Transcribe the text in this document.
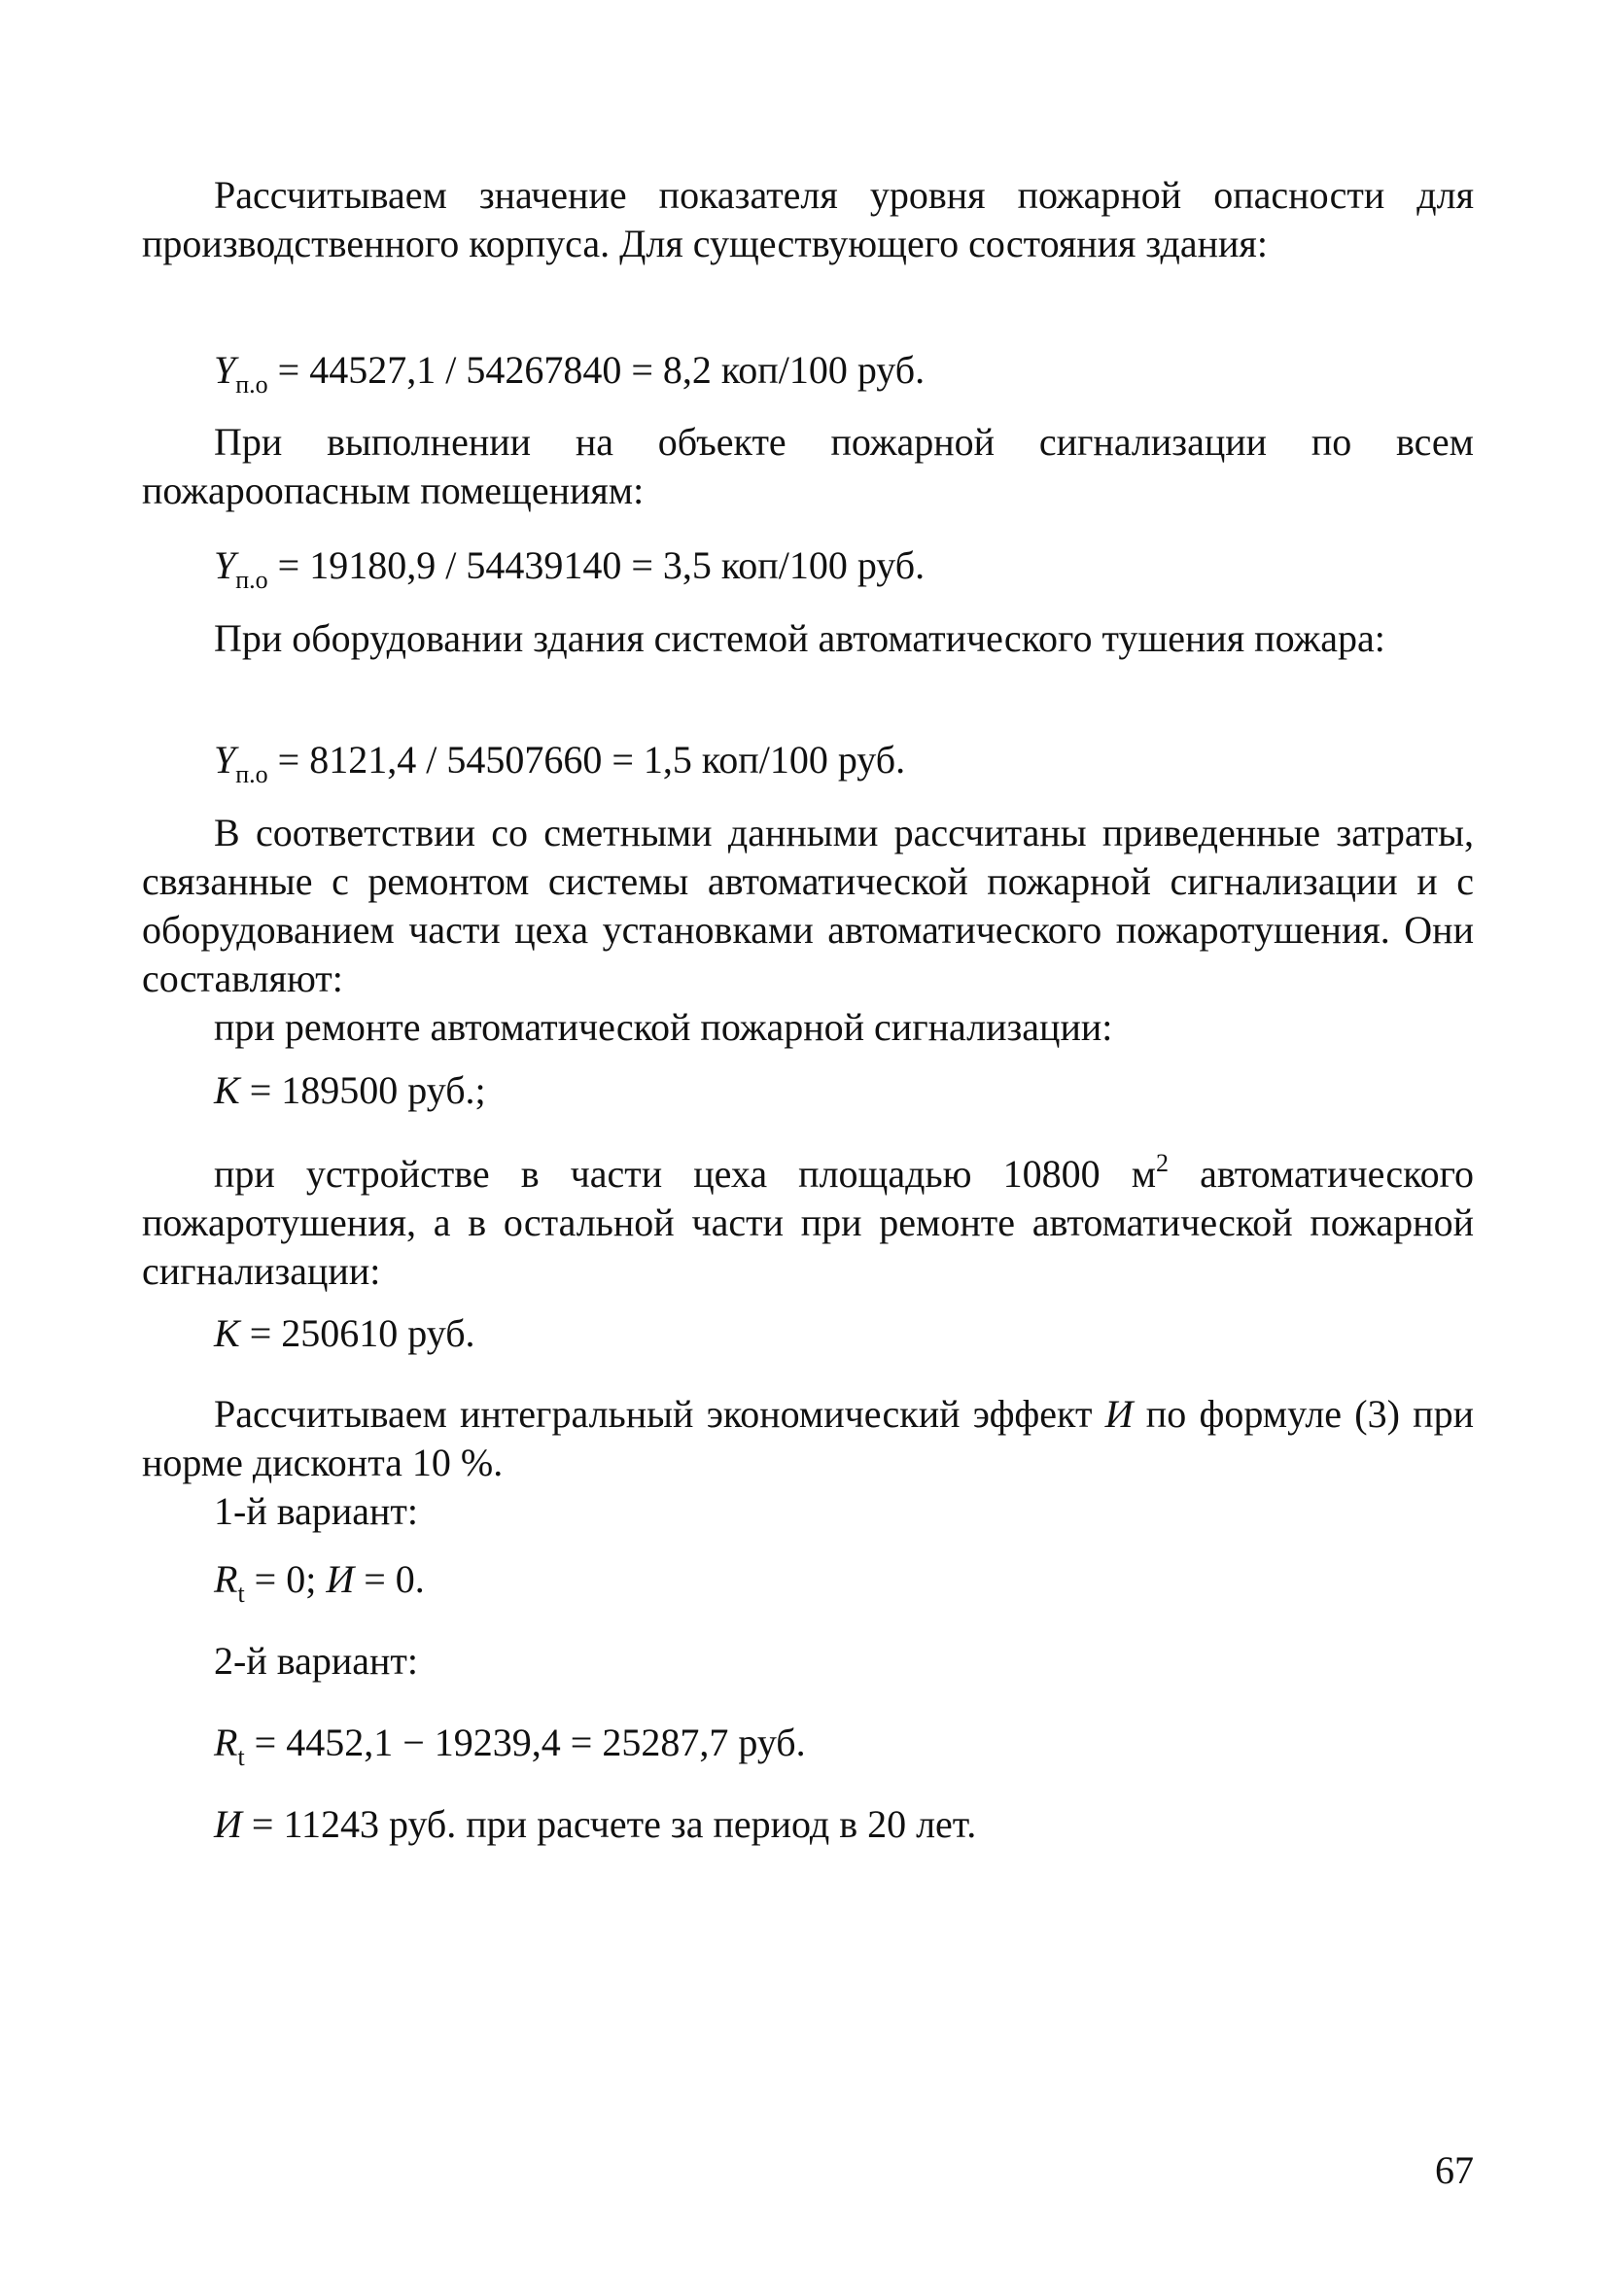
Рассчитываем значение показателя уровня пожарной опасности для производственного корпуса. Для существующего состояния здания:

$Y_{п.о} = 44527,1 / 54267840 = 8,2$ коп/100 руб.

При выполнении на объекте пожарной сигнализации по всем пожароопасным помещениям:

$Y_{п.о} = 19180,9 / 54439140 = 3,5$ коп/100 руб.

При оборудовании здания системой автоматического тушения пожара:

$Y_{п.о} = 8121,4 / 54507660 = 1,5$ коп/100 руб.

В соответствии со сметными данными рассчитаны приведенные затраты, связанные с ремонтом системы автоматической пожарной сигнализации и с оборудованием части цеха установками автоматического пожаротушения. Они составляют:

при ремонте автоматической пожарной сигнализации:

K = 189500 руб.;

при устройстве в части цеха площадью 10800 $м^2$ автоматического пожаротушения, а в остальной части при ремонте автоматической пожарной сигнализации:

K = 250610 руб.

Рассчитываем интегральный экономический эффект И по формуле (3) при норме дисконта 10 %.

1-й вариант:

$R_t = 0$; И = 0.

2-й вариант:

$R_t = 4452,1 - 19239,4 = 25287,7$ руб.

И = 11243 руб. при расчете за период в 20 лет.

67
